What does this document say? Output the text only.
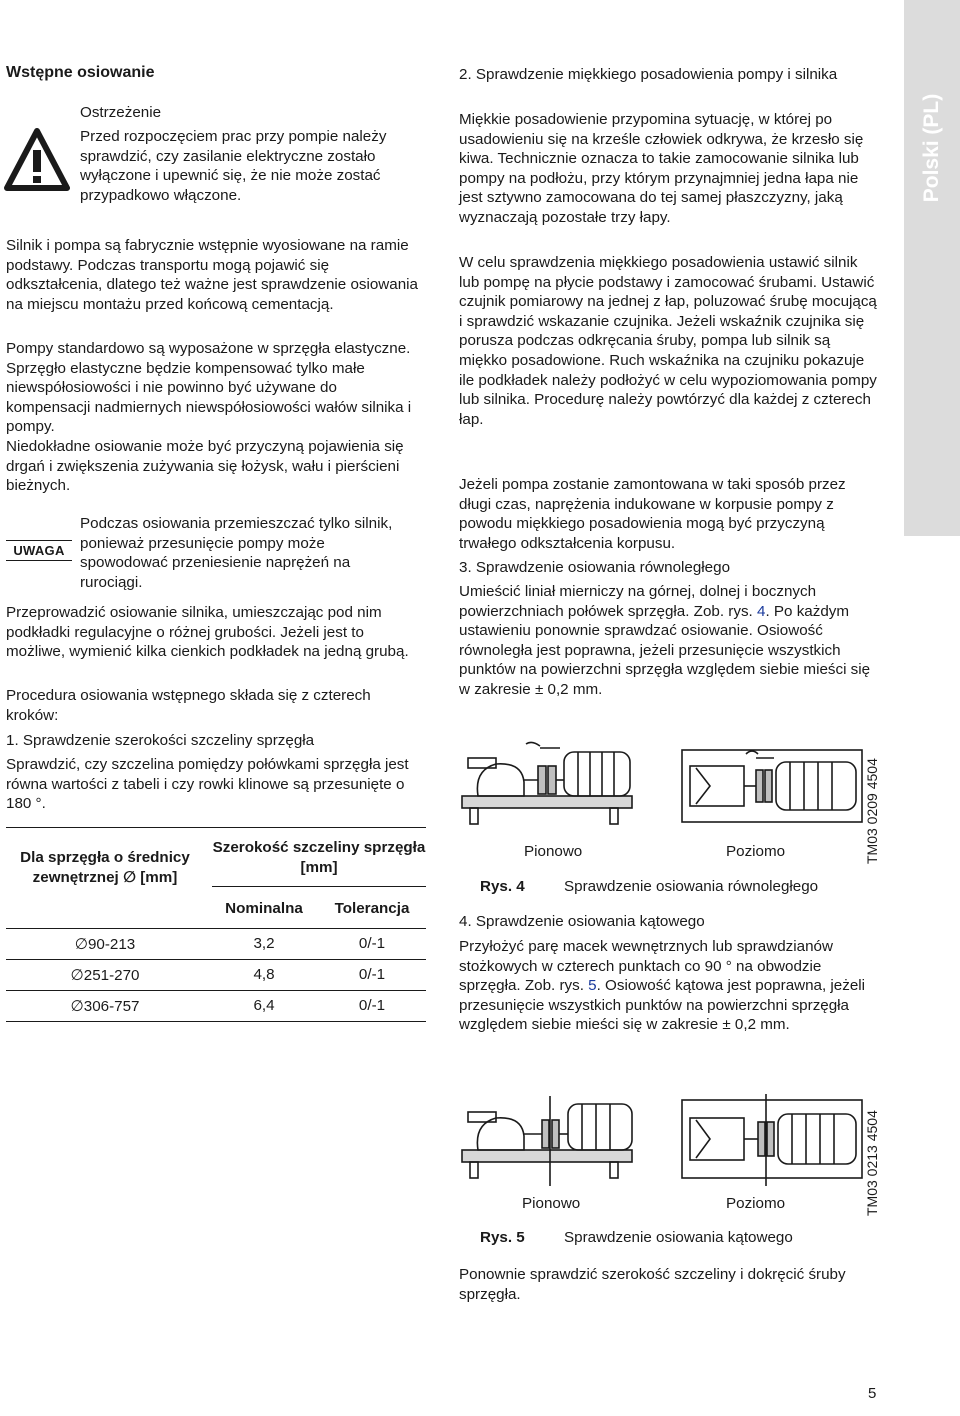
Polski (PL)
Wstępne osiowanie

Ostrzeżenie

Przed rozpoczęciem prac przy pompie należy sprawdzić, czy zasilanie elektryczne zostało wyłączone i upewnić się, że nie może zostać przypadkowo włączone.

Silnik i pompa są fabrycznie wstępnie wyosiowane na ramie podstawy. Podczas transportu mogą pojawić się odkształcenia, dlatego też ważne jest sprawdzenie osiowania na miejscu montażu przed końcową cementacją.

Pompy standardowo są wyposażone w sprzęgła elastyczne. Sprzęgło elastyczne będzie kompensować tylko małe niewspółosiowości i nie powinno być używane do kompensacji nadmiernych niewspółosiowości wałów silnika i pompy.

Niedokładne osiowanie może być przyczyną pojawienia się drgań i zwiększenia zużywania się łożysk, wału i pierścieni bieżnych.

UWAGA

Podczas osiowania przemieszczać tylko silnik, ponieważ przesunięcie pompy może spowodować przeniesienie naprężeń na rurociągi.

Przeprowadzić osiowanie silnika, umieszczając pod nim podkładki regulacyjne o różnej grubości. Jeżeli jest to możliwe, wymienić kilka cienkich podkładek na jedną grubą.

Procedura osiowania wstępnego składa się z czterech kroków:

1. Sprawdzenie szerokości szczeliny sprzęgła

Sprawdzić, czy szczelina pomiędzy połówkami sprzęgła jest równa wartości z tabeli i czy rowki klinowe są przesunięte o 180 °.

Dla sprzęgła o średnicy zewnętrznej ∅ [mm]
Szerokość szczeliny sprzęgła [mm]
Nominalna	Tolerancja
∅90-213	3,2	0/-1
∅251-270	4,8	0/-1
∅306-757	6,4	0/-1

2. Sprawdzenie miękkiego posadowienia pompy i silnika

Miękkie posadowienie przypomina sytuację, w której po usadowieniu się na krześle człowiek odkrywa, że krzesło się kiwa. Technicznie oznacza to takie zamocowanie silnika lub pompy na podłożu, przy którym przynajmniej jedna łapa nie jest sztywno zamocowana do tej samej płaszczyzny, jaką wyznaczają pozostałe trzy łapy.

W celu sprawdzenia miękkiego posadowienia ustawić silnik lub pompę na płycie podstawy i zamocować śrubami. Ustawić czujnik pomiarowy na jednej z łap, poluzować śrubę mocującą i sprawdzić wskazanie czujnika. Jeżeli wskaźnik czujnika się porusza podczas odkręcania śruby, pompa lub silnik są miękko posadowione. Ruch wskaźnika na czujniku pokazuje ile podkładek należy podłożyć w celu wypoziomowania pompy lub silnika. Procedurę należy powtórzyć dla każdej z czterech łap.

Jeżeli pompa zostanie zamontowana w taki sposób przez długi czas, naprężenia indukowane w korpusie pompy z powodu miękkiego posadowienia mogą być przyczyną trwałego odkształcenia korpusu.

3. Sprawdzenie osiowania równoległego

Umieścić liniał mierniczy na górnej, dolnej i bocznych powierzchniach połówek sprzęgła. Zob. rys. 4. Po każdym ustawieniu ponownie sprawdzać osiowanie. Osiowość równoległa jest poprawna, jeżeli przesunięcie wszystkich punktów na powierzchni sprzęgła względem siebie mieści się w zakresie ± 0,2 mm.

Pionowo	Poziomo	TM03 0209 4504
Rys. 4	Sprawdzenie osiowania równoległego

4. Sprawdzenie osiowania kątowego

Przyłożyć parę macek wewnętrznych lub sprawdzianów stożkowych w czterech punktach co 90 ° na obwodzie sprzęgła. Zob. rys. 5. Osiowość kątowa jest poprawna, jeżeli przesunięcie wszystkich punktów na powierzchni sprzęgła względem siebie mieści się w zakresie ± 0,2 mm.

Pionowo	Poziomo	TM03 0213 4504
Rys. 5	Sprawdzenie osiowania kątowego

Ponownie sprawdzić szerokość szczeliny i dokręcić śruby sprzęgła.

5
